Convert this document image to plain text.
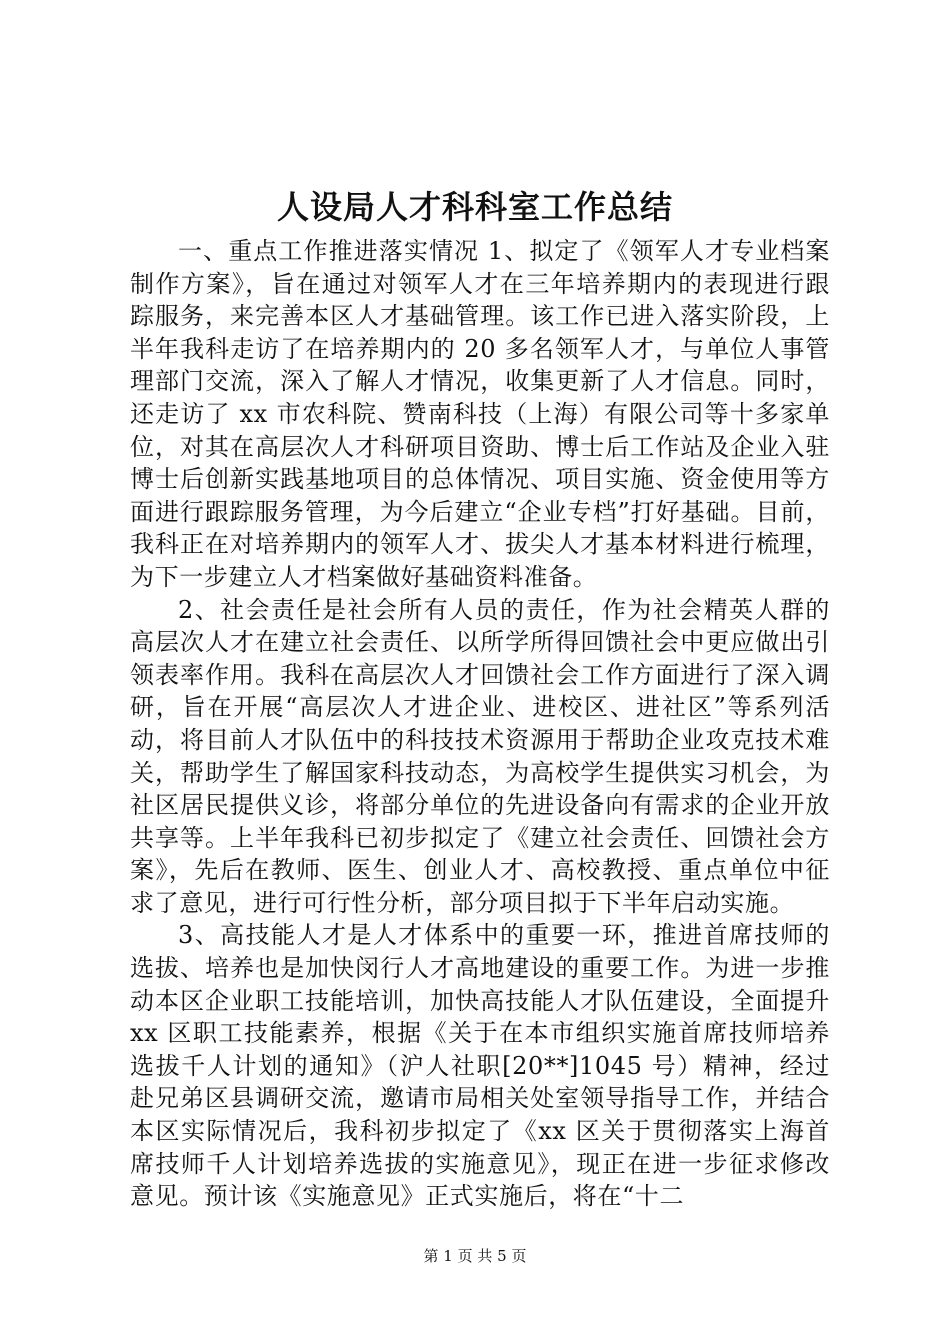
人设局人才科科室工作总结

一、重点工作推进落实情况 1、拟定了《领军人才专业档案制作方案》，旨在通过对领军人才在三年培养期内的表现进行跟踪服务，来完善本区人才基础管理。该工作已进入落实阶段，上半年我科走访了在培养期内的 20 多名领军人才，与单位人事管理部门交流，深入了解人才情况，收集更新了人才信息。同时，还走访了 xx 市农科院、赞南科技（上海）有限公司等十多家单位，对其在高层次人才科研项目资助、博士后工作站及企业入驻博士后创新实践基地项目的总体情况、项目实施、资金使用等方面进行跟踪服务管理，为今后建立“企业专档”打好基础。目前，我科正在对培养期内的领军人才、拔尖人才基本材料进行梳理，为下一步建立人才档案做好基础资料准备。

2、社会责任是社会所有人员的责任，作为社会精英人群的高层次人才在建立社会责任、以所学所得回馈社会中更应做出引领表率作用。我科在高层次人才回馈社会工作方面进行了深入调研，旨在开展“高层次人才进企业、进校区、进社区”等系列活动，将目前人才队伍中的科技技术资源用于帮助企业攻克技术难关，帮助学生了解国家科技动态，为高校学生提供实习机会，为社区居民提供义诊，将部分单位的先进设备向有需求的企业开放共享等。上半年我科已初步拟定了《建立社会责任、回馈社会方案》，先后在教师、医生、创业人才、高校教授、重点单位中征求了意见，进行可行性分析，部分项目拟于下半年启动实施。

3、高技能人才是人才体系中的重要一环，推进首席技师的选拔、培养也是加快闵行人才高地建设的重要工作。为进一步推动本区企业职工技能培训，加快高技能人才队伍建设，全面提升 xx 区职工技能素养，根据《关于在本市组织实施首席技师培养选拔千人计划的通知》（沪人社职[20**]1045 号）精神，经过赴兄弟区县调研交流，邀请市局相关处室领导指导工作，并结合本区实际情况后，我科初步拟定了《xx 区关于贯彻落实上海首席技师千人计划培养选拔的实施意见》，现正在进一步征求修改意见。预计该《实施意见》正式实施后，将在“十二

第 1 页 共 5 页
